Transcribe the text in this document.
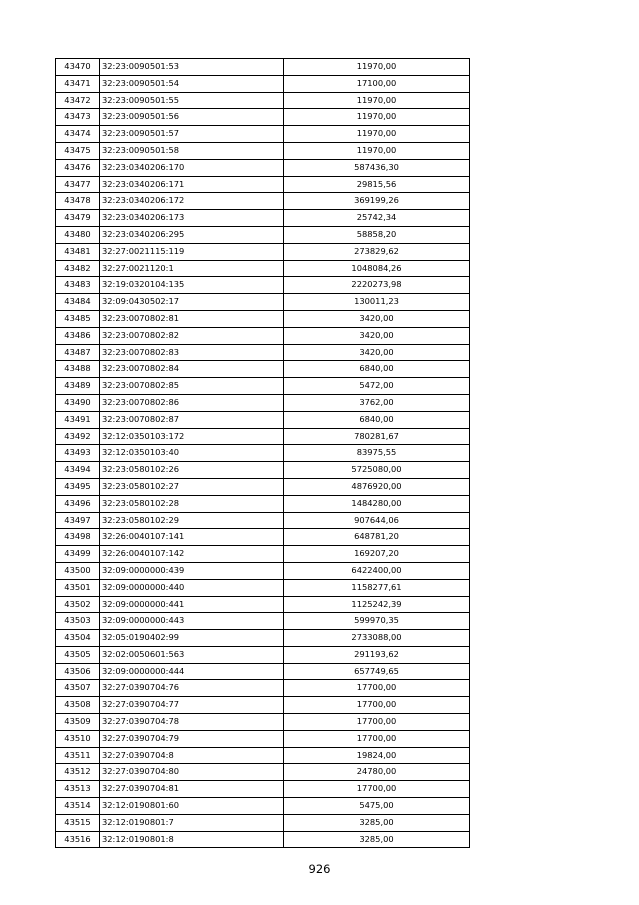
43470	32:23:0090501:53	11970,00
43471	32:23:0090501:54	17100,00
43472	32:23:0090501:55	11970,00
43473	32:23:0090501:56	11970,00
43474	32:23:0090501:57	11970,00
43475	32:23:0090501:58	11970,00
43476	32:23:0340206:170	587436,30
43477	32:23:0340206:171	29815,56
43478	32:23:0340206:172	369199,26
43479	32:23:0340206:173	25742,34
43480	32:23:0340206:295	58858,20
43481	32:27:0021115:119	273829,62
43482	32:27:0021120:1	1048084,26
43483	32:19:0320104:135	2220273,98
43484	32:09:0430502:17	130011,23
43485	32:23:0070802:81	3420,00
43486	32:23:0070802:82	3420,00
43487	32:23:0070802:83	3420,00
43488	32:23:0070802:84	6840,00
43489	32:23:0070802:85	5472,00
43490	32:23:0070802:86	3762,00
43491	32:23:0070802:87	6840,00
43492	32:12:0350103:172	780281,67
43493	32:12:0350103:40	83975,55
43494	32:23:0580102:26	5725080,00
43495	32:23:0580102:27	4876920,00
43496	32:23:0580102:28	1484280,00
43497	32:23:0580102:29	907644,06
43498	32:26:0040107:141	648781,20
43499	32:26:0040107:142	169207,20
43500	32:09:0000000:439	6422400,00
43501	32:09:0000000:440	1158277,61
43502	32:09:0000000:441	1125242,39
43503	32:09:0000000:443	599970,35
43504	32:05:0190402:99	2733088,00
43505	32:02:0050601:563	291193,62
43506	32:09:0000000:444	657749,65
43507	32:27:0390704:76	17700,00
43508	32:27:0390704:77	17700,00
43509	32:27:0390704:78	17700,00
43510	32:27:0390704:79	17700,00
43511	32:27:0390704:8	19824,00
43512	32:27:0390704:80	24780,00
43513	32:27:0390704:81	17700,00
43514	32:12:0190801:60	5475,00
43515	32:12:0190801:7	3285,00
43516	32:12:0190801:8	3285,00
926
